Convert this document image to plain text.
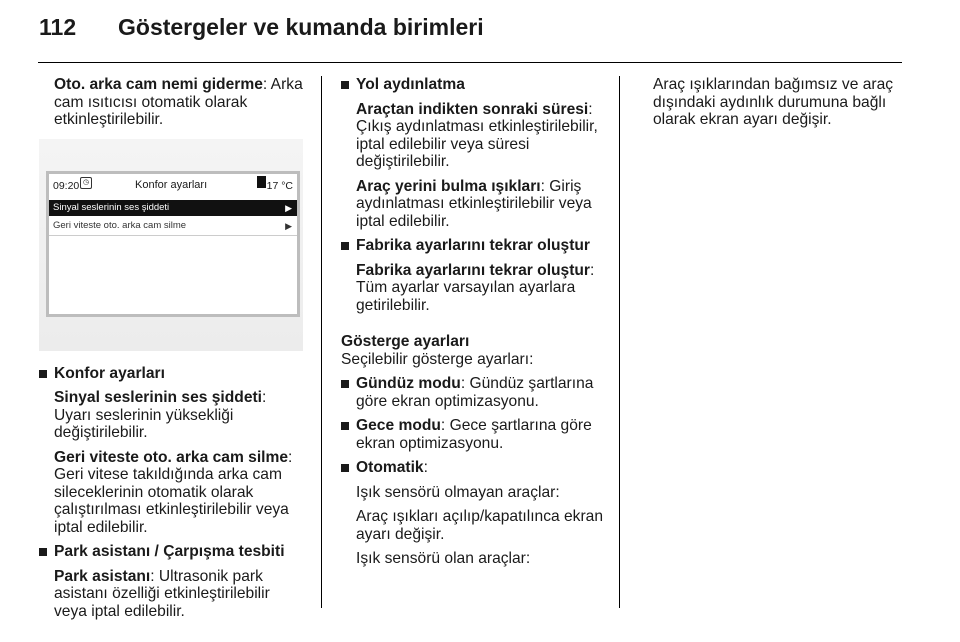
112 Göstergeler ve kumanda birimleri

Oto. arka cam nemi giderme: Arka cam ısıtıcısı otomatik olarak etkinleştirilebilir.

09:20 ◷	Konfor ayarları	17 °C
Sinyal seslerinin ses şiddeti	▶
Geri viteste oto. arka cam silme	▶
Konfor ayarları

Sinyal seslerinin ses şiddeti: Uyarı seslerinin yüksekliği değiştirilebilir.

Geri viteste oto. arka cam silme: Geri vitese takıldığında arka cam sileceklerinin otomatik olarak çalıştırılması etkinleştirilebilir veya iptal edilebilir.

Park asistanı / Çarpışma tesbiti

Park asistanı: Ultrasonik park asistanı özelliği etkinleştirilebilir veya iptal edilebilir.

Yol aydınlatma

Araçtan indikten sonraki süresi: Çıkış aydınlatması etkinleştirilebilir, iptal edilebilir veya süresi değiştirilebilir.

Araç yerini bulma ışıkları: Giriş aydınlatması etkinleştirilebilir veya iptal edilebilir.

Fabrika ayarlarını tekrar oluştur

Fabrika ayarlarını tekrar oluştur: Tüm ayarlar varsayılan ayarlara getirilebilir.

Gösterge ayarları

Seçilebilir gösterge ayarları:

Gündüz modu: Gündüz şartlarına göre ekran optimizasyonu.
Gece modu: Gece şartlarına göre ekran optimizasyonu.
Otomatik:

Işık sensörü olmayan araçlar:

Araç ışıkları açılıp/kapatılınca ekran ayarı değişir.

Işık sensörü olan araçlar:

Araç ışıklarından bağımsız ve araç dışındaki aydınlık durumuna bağlı olarak ekran ayarı değişir.
